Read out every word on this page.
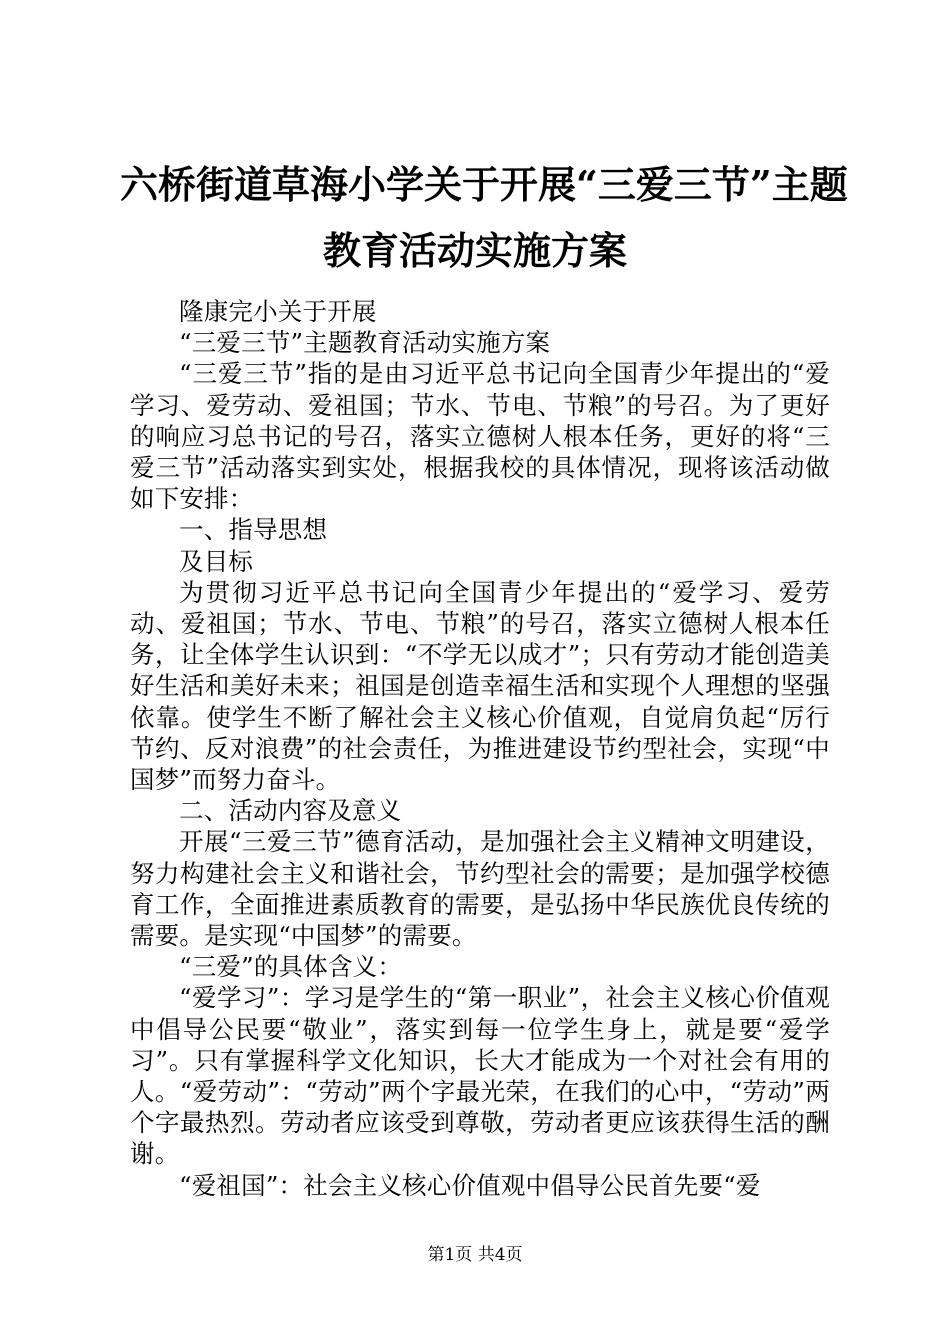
六桥街道草海小学关于开展“三爱三节”主题
教育活动实施方案

隆康完小关于开展

“三爱三节”主题教育活动实施方案

“三爱三节”指的是由习近平总书记向全国青少年提出的“爱学习、爱劳动、爱祖国；节水、节电、节粮”的号召。为了更好的响应习总书记的号召，落实立德树人根本任务，更好的将“三爱三节”活动落实到实处，根据我校的具体情况，现将该活动做如下安排：

一、指导思想

及目标

为贯彻习近平总书记向全国青少年提出的“爱学习、爱劳动、爱祖国；节水、节电、节粮”的号召，落实立德树人根本任务，让全体学生认识到：“不学无以成才”；只有劳动才能创造美好生活和美好未来；祖国是创造幸福生活和实现个人理想的坚强依靠。使学生不断了解社会主义核心价值观，自觉肩负起“厉行节约、反对浪费”的社会责任，为推进建设节约型社会，实现“中国梦”而努力奋斗。

二、活动内容及意义

开展“三爱三节”德育活动，是加强社会主义精神文明建设，努力构建社会主义和谐社会，节约型社会的需要；是加强学校德育工作，全面推进素质教育的需要，是弘扬中华民族优良传统的需要。是实现“中国梦”的需要。

“三爱”的具体含义：

“爱学习”：学习是学生的“第一职业”，社会主义核心价值观中倡导公民要“敬业”，落实到每一位学生身上，就是要“爱学习”。只有掌握科学文化知识，长大才能成为一个对社会有用的人。“爱劳动”：“劳动”两个字最光荣，在我们的心中，“劳动”两个字最热烈。劳动者应该受到尊敬，劳动者更应该获得生活的酬谢。

“爱祖国”：社会主义核心价值观中倡导公民首先要“爱

第1页 共4页
